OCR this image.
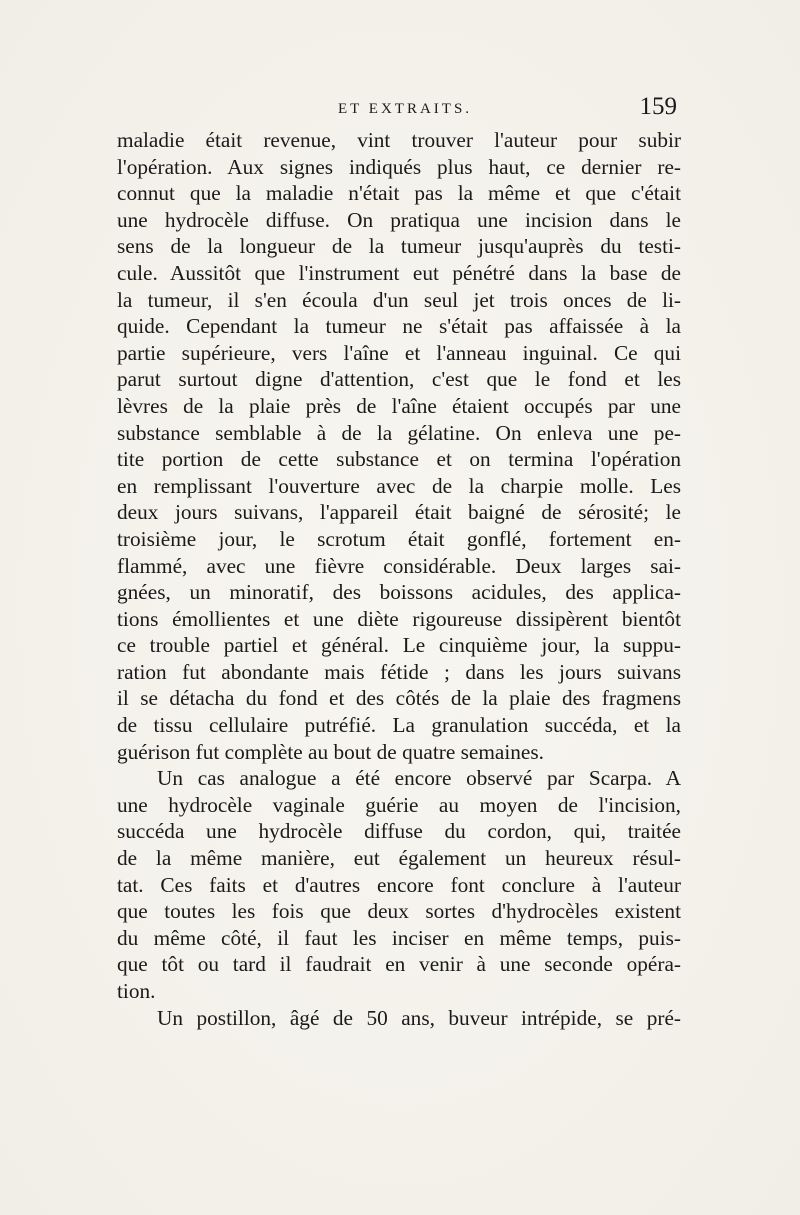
ET EXTRAITS.	159
maladie était revenue, vint trouver l'auteur pour subir
l'opération. Aux signes indiqués plus haut, ce dernier re-
connut que la maladie n'était pas la même et que c'était
une hydrocèle diffuse. On pratiqua une incision dans le
sens de la longueur de la tumeur jusqu'auprès du testi-
cule. Aussitôt que l'instrument eut pénétré dans la base de
la tumeur, il s'en écoula d'un seul jet trois onces de li-
quide. Cependant la tumeur ne s'était pas affaissée à la
partie supérieure, vers l'aîne et l'anneau inguinal. Ce qui
parut surtout digne d'attention, c'est que le fond et les
lèvres de la plaie près de l'aîne étaient occupés par une
substance semblable à de la gélatine. On enleva une pe-
tite portion de cette substance et on termina l'opération
en remplissant l'ouverture avec de la charpie molle. Les
deux jours suivans, l'appareil était baigné de sérosité; le
troisième jour, le scrotum était gonflé, fortement en-
flammé, avec une fièvre considérable. Deux larges sai-
gnées, un minoratif, des boissons acidules, des applica-
tions émollientes et une diète rigoureuse dissipèrent bientôt
ce trouble partiel et général. Le cinquième jour, la suppu-
ration fut abondante mais fétide ; dans les jours suivans
il se détacha du fond et des côtés de la plaie des fragmens
de tissu cellulaire putréfié. La granulation succéda, et la
guérison fut complète au bout de quatre semaines.
Un cas analogue a été encore observé par Scarpa. A
une hydrocèle vaginale guérie au moyen de l'incision,
succéda une hydrocèle diffuse du cordon, qui, traitée
de la même manière, eut également un heureux résul-
tat. Ces faits et d'autres encore font conclure à l'auteur
que toutes les fois que deux sortes d'hydrocèles existent
du même côté, il faut les inciser en même temps, puis-
que tôt ou tard il faudrait en venir à une seconde opéra-
tion.
Un postillon, âgé de 50 ans, buveur intrépide, se pré-
